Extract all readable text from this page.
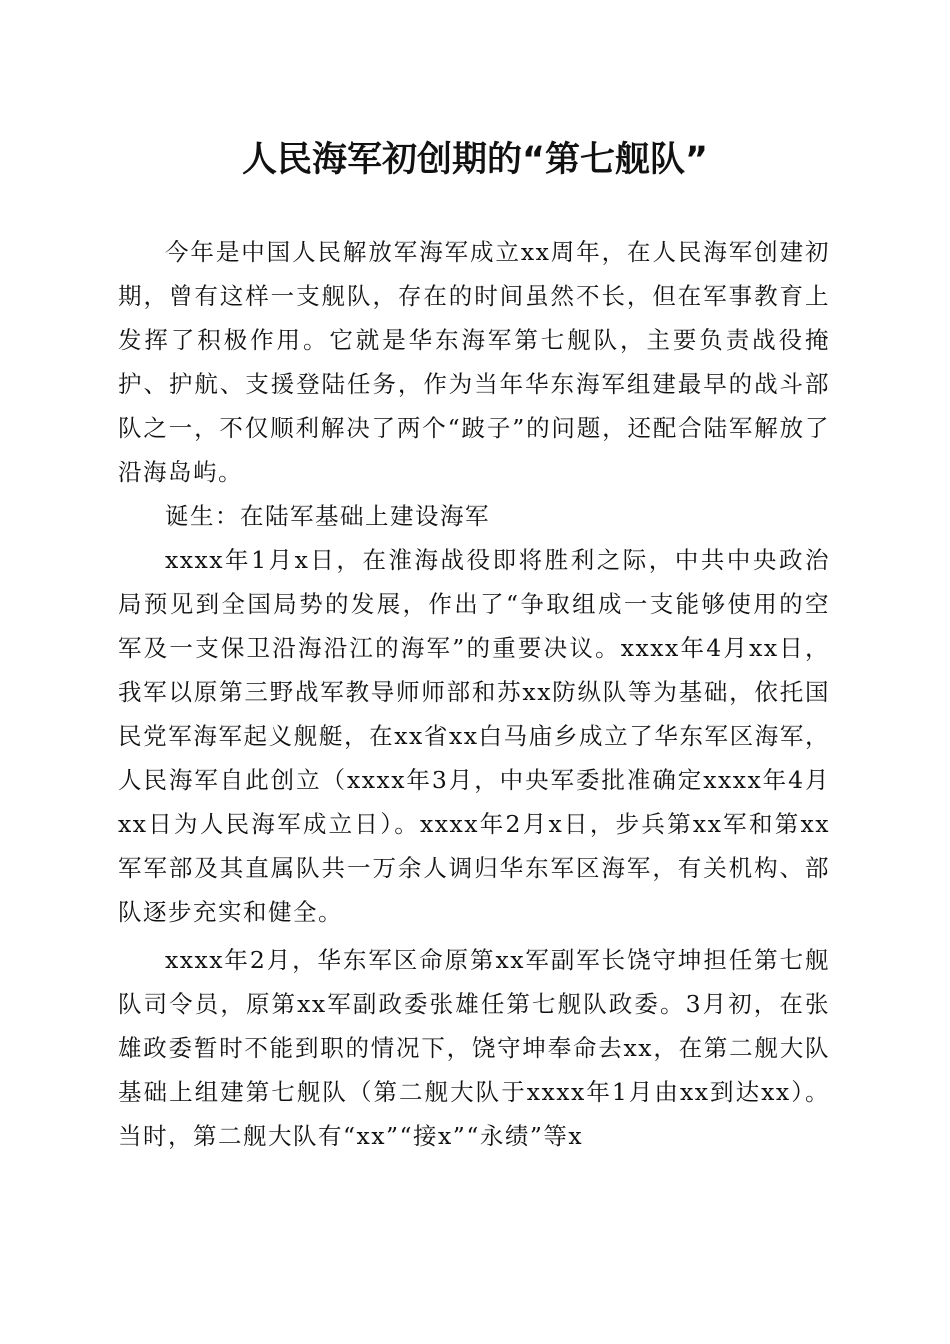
人民海军初创期的“第七舰队”

今年是中国人民解放军海军成立xx周年，在人民海军创建初期，曾有这样一支舰队，存在的时间虽然不长，但在军事教育上发挥了积极作用。它就是华东海军第七舰队，主要负责战役掩护、护航、支援登陆任务，作为当年华东海军组建最早的战斗部队之一，不仅顺利解决了两个“跛子”的问题，还配合陆军解放了沿海岛屿。

诞生：在陆军基础上建设海军

xxxx年1月x日，在淮海战役即将胜利之际，中共中央政治局预见到全国局势的发展，作出了“争取组成一支能够使用的空军及一支保卫沿海沿江的海军”的重要决议。xxxx年4月xx日，我军以原第三野战军教导师师部和苏xx防纵队等为基础，依托国民党军海军起义舰艇，在xx省xx白马庙乡成立了华东军区海军，人民海军自此创立（xxxx年3月，中央军委批准确定xxxx年4月xx日为人民海军成立日）。xxxx年2月x日，步兵第xx军和第xx军军部及其直属队共一万余人调归华东军区海军，有关机构、部队逐步充实和健全。

xxxx年2月，华东军区命原第xx军副军长饶守坤担任第七舰队司令员，原第xx军副政委张雄任第七舰队政委。3月初，在张雄政委暂时不能到职的情况下，饶守坤奉命去xx，在第二舰大队基础上组建第七舰队（第二舰大队于xxxx年1月由xx到达xx）。当时，第二舰大队有“xx”“接x”“永绩”等x
